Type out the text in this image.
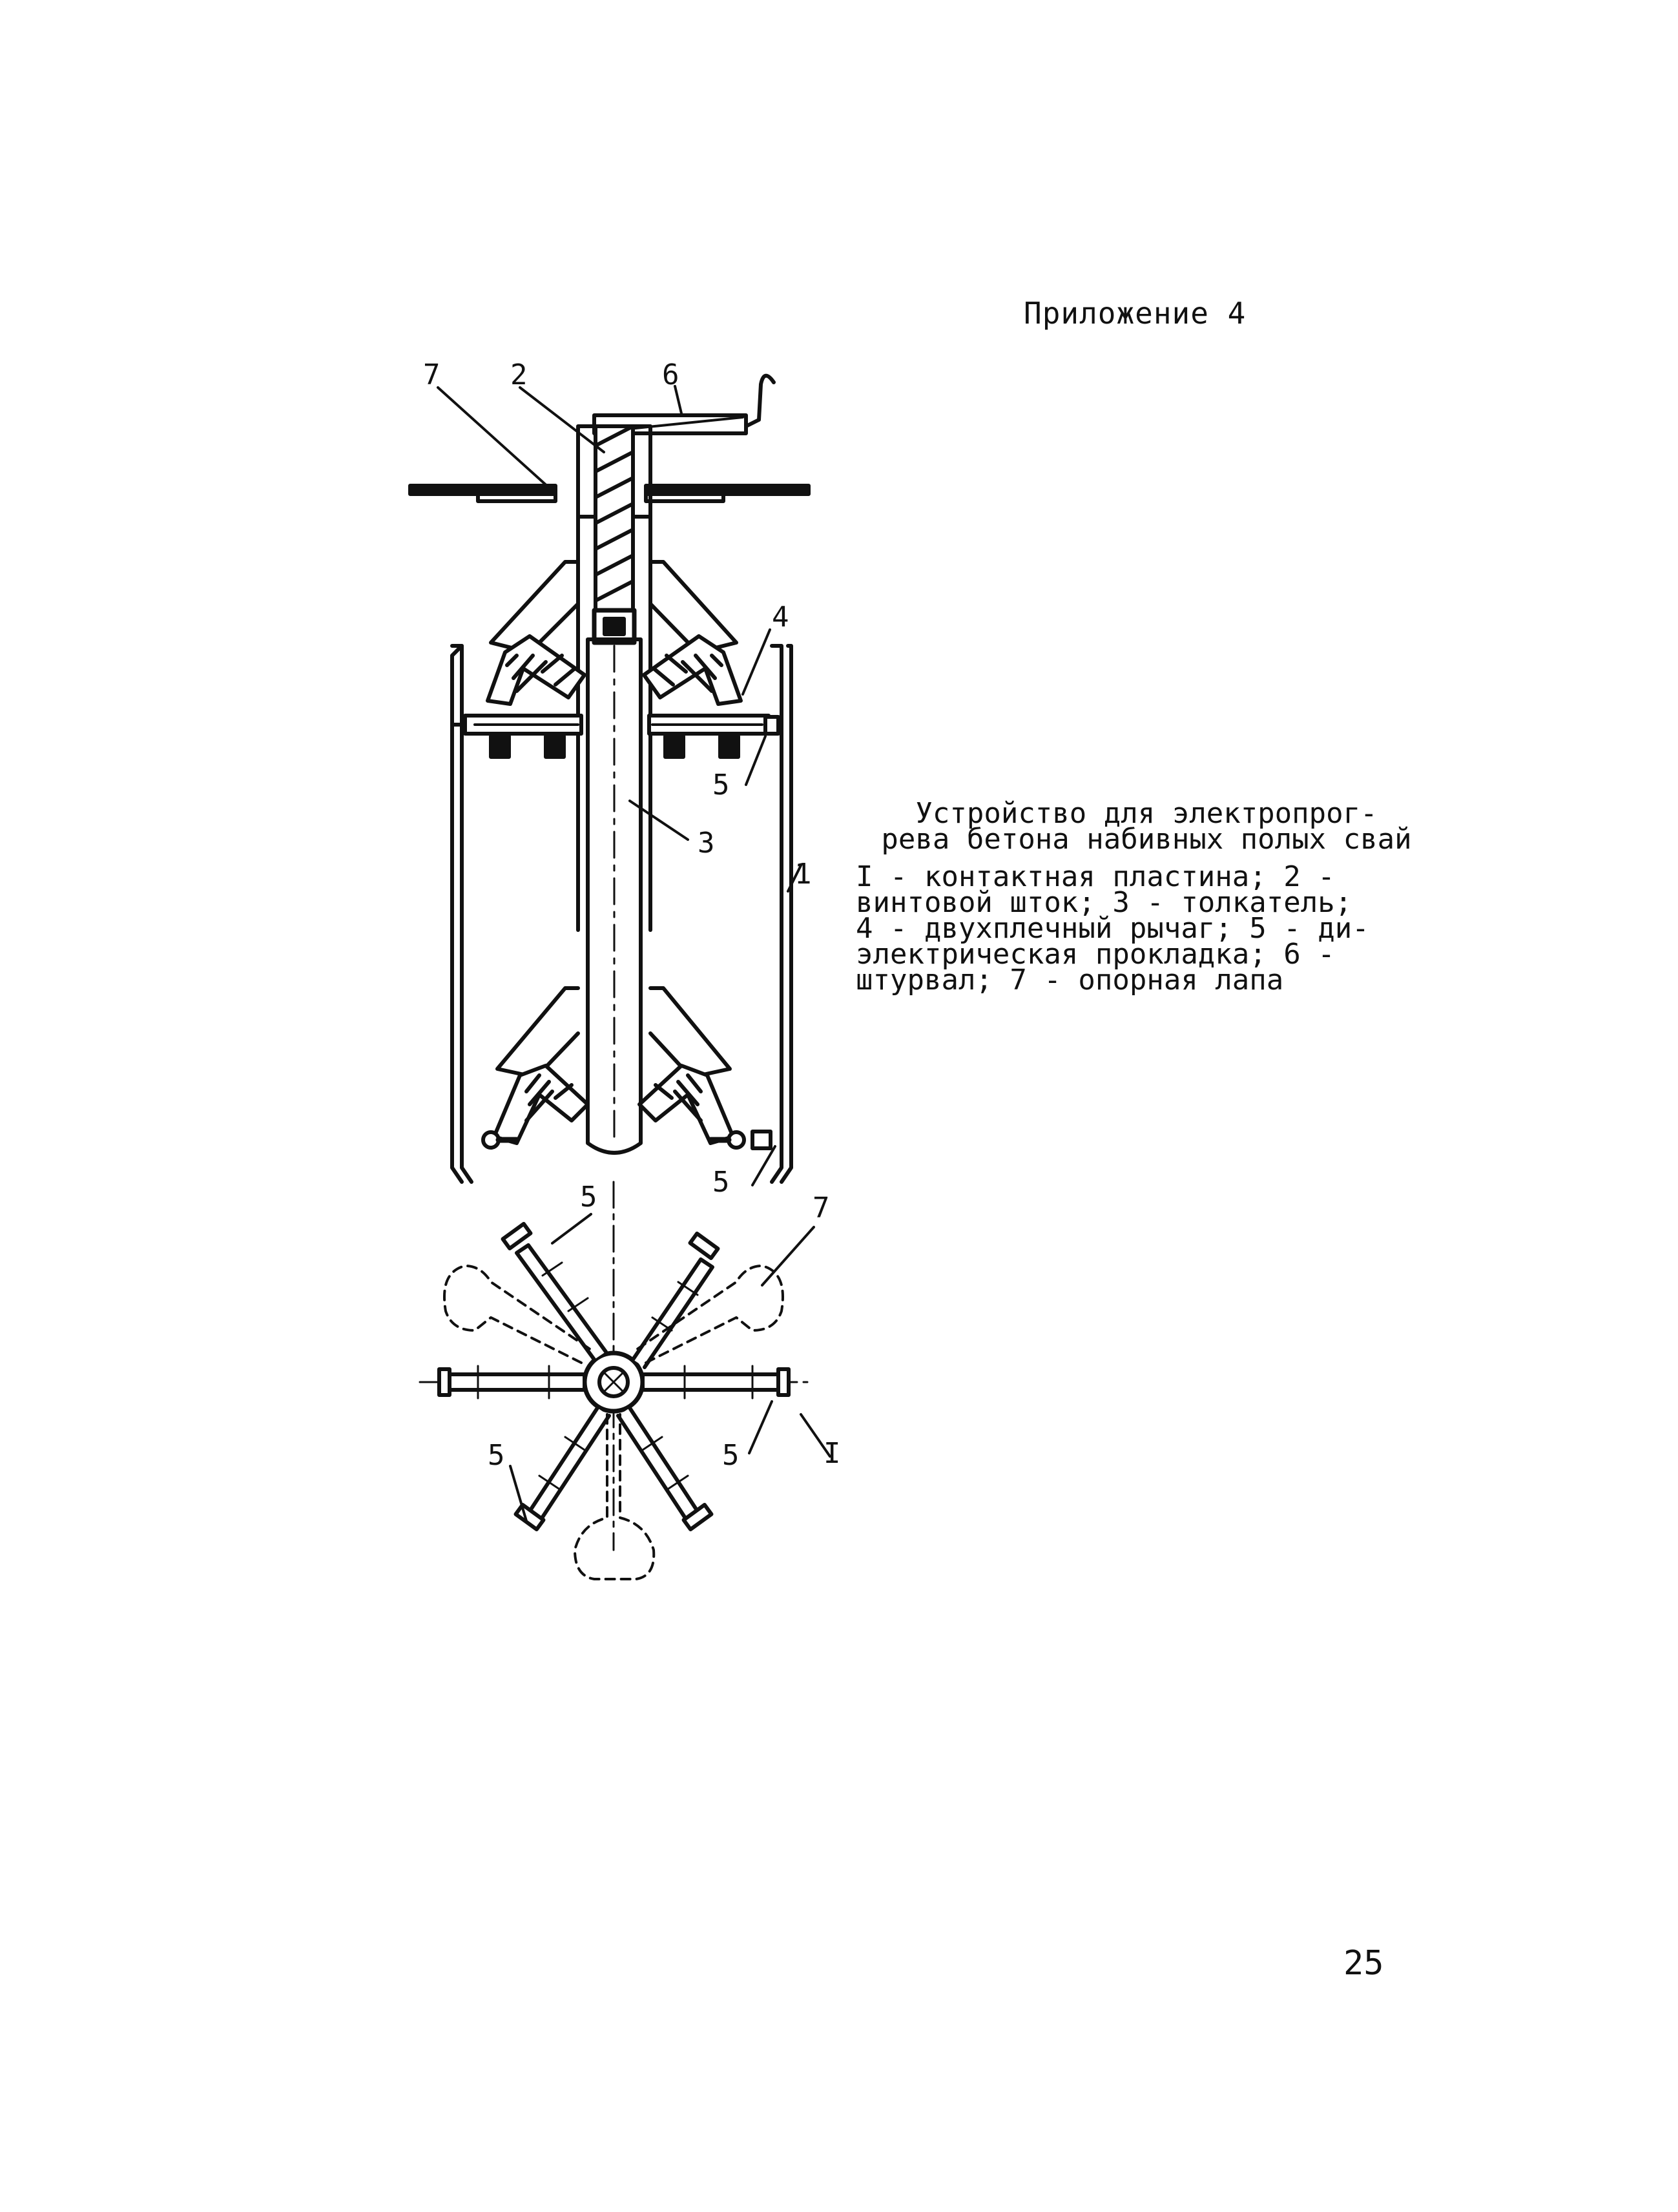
Приложение 4
7 2	6
4
5
3
1
5
5	7
5	5	I
Устройство для электропрог-
рева бетона набивных полых свай
I - контактная пластина; 2 -
винтовой шток; 3 - толкатель;
4 - двухплечный рычаг; 5 - ди-
электрическая прокладка; 6 -
штурвал; 7 - опорная лапа
25
